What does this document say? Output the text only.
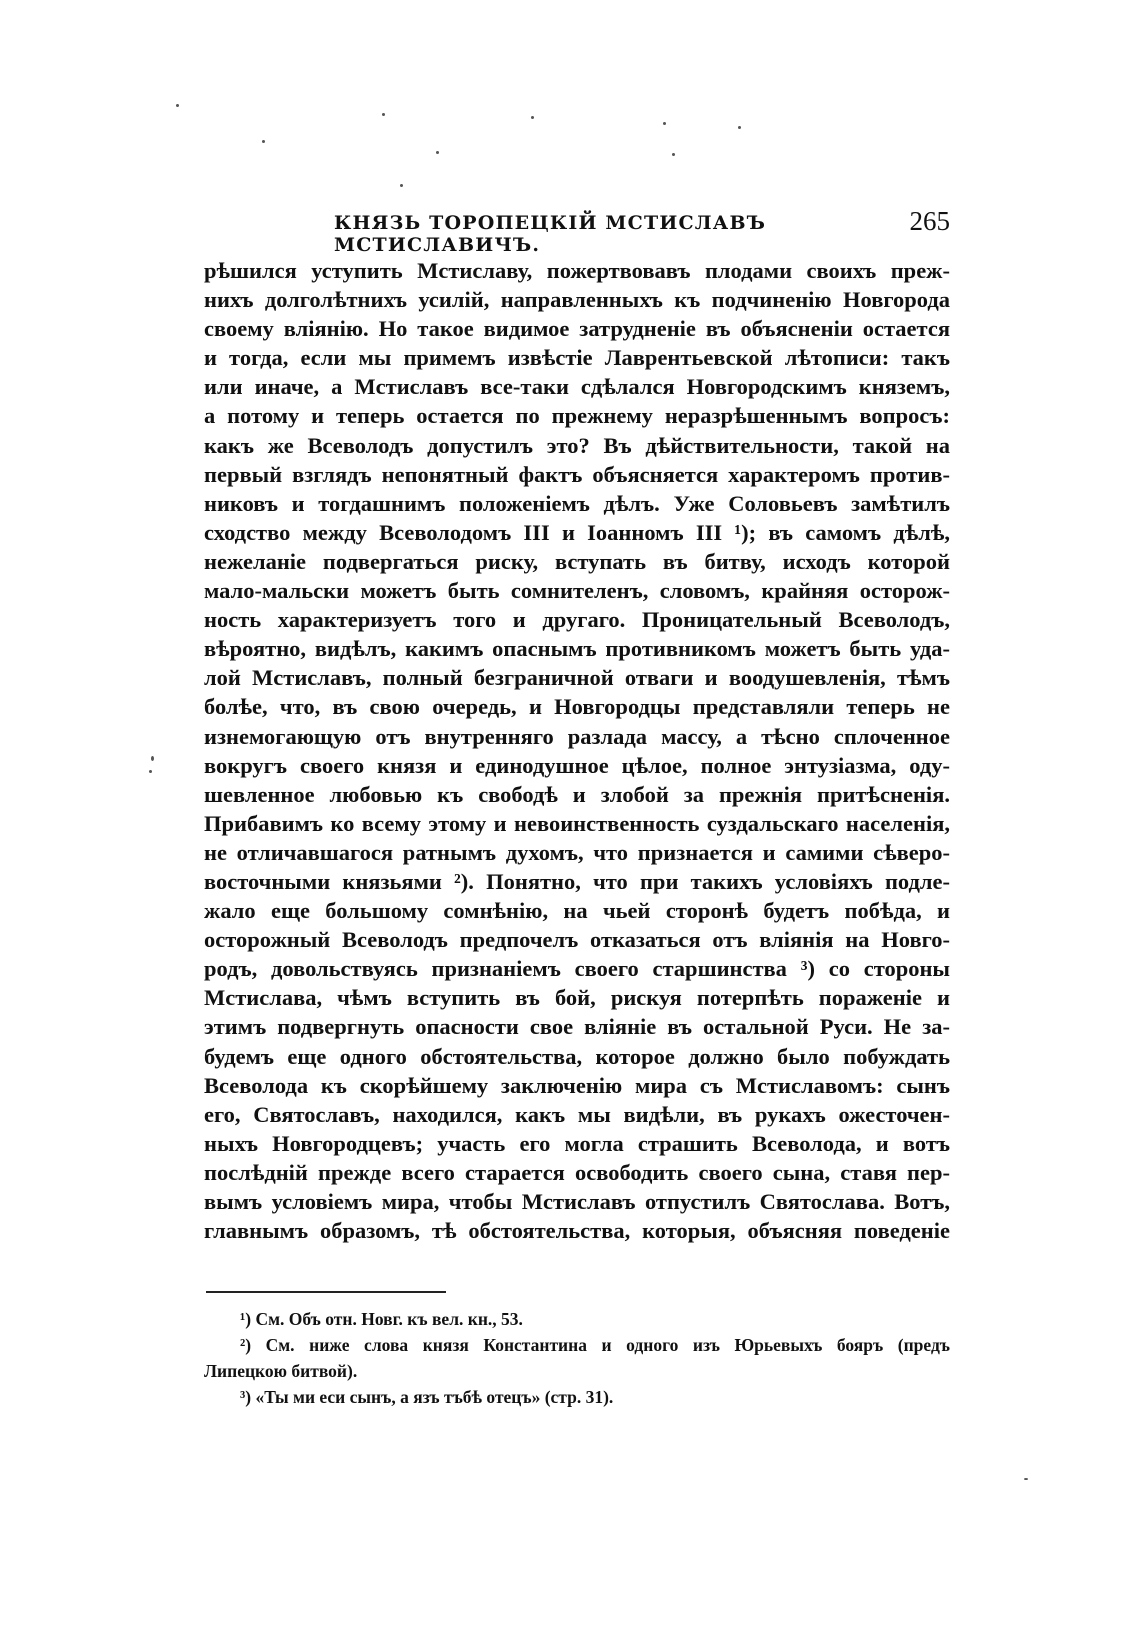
КНЯЗЬ ТОРОПЕЦКІЙ МСТИСЛАВЪ МСТИСЛАВИЧЪ.
265
рѣшился уступить Мстиславу, пожертвовавъ плодами своихъ преж-
нихъ долголѣтнихъ усилій, направленныхъ къ подчиненію Новгорода
своему вліянію. Но такое видимое затрудненіе въ объясненіи остается
и тогда, если мы примемъ извѣстіе Лаврентьевской лѣтописи: такъ
или иначе, а Мстиславъ все-таки сдѣлался Новгородскимъ княземъ,
а потому и теперь остается по прежнему неразрѣшеннымъ вопросъ:
какъ же Всеволодъ допустилъ это? Въ дѣйствительности, такой на
первый взглядъ непонятный фактъ объясняется характеромъ против-
никовъ и тогдашнимъ положеніемъ дѣлъ. Уже Соловьевъ замѣтилъ
сходство между Всеволодомъ III и Іоанномъ III ¹); въ самомъ дѣлѣ,
нежеланіе подвергаться риску, вступать въ битву, исходъ которой
мало-мальски можетъ быть сомнителенъ, словомъ, крайняя осторож-
ность характеризуетъ того и другаго. Проницательный Всеволодъ,
вѣроятно, видѣлъ, какимъ опаснымъ противникомъ можетъ быть уда-
лой Мстиславъ, полный безграничной отваги и воодушевленія, тѣмъ
болѣе, что, въ свою очередь, и Новгородцы представляли теперь не
изнемогающую отъ внутренняго разлада массу, а тѣсно сплоченное
вокругъ своего князя и единодушное цѣлое, полное энтузіазма, оду-
шевленное любовью къ свободѣ и злобой за прежнія притѣсненія.
Прибавимъ ко всему этому и невоинственность суздальскаго населенія,
не отличавшагося ратнымъ духомъ, что признается и самими сѣверо-
восточными князьями ²). Понятно, что при такихъ условіяхъ подле-
жало еще большому сомнѣнію, на чьей сторонѣ будетъ побѣда, и
осторожный Всеволодъ предпочелъ отказаться отъ вліянія на Новго-
родъ, довольствуясь признаніемъ своего старшинства ³) со стороны
Мстислава, чѣмъ вступить въ бой, рискуя потерпѣть пораженіе и
этимъ подвергнуть опасности свое вліяніе въ остальной Руси. Не за-
будемъ еще одного обстоятельства, которое должно было побуждать
Всеволода къ скорѣйшему заключенію мира съ Мстиславомъ: сынъ
его, Святославъ, находился, какъ мы видѣли, въ рукахъ ожесточен-
ныхъ Новгородцевъ; участь его могла страшить Всеволода, и вотъ
послѣдній прежде всего старается освободить своего сына, ставя пер-
вымъ условіемъ мира, чтобы Мстиславъ отпустилъ Святослава. Вотъ,
главнымъ образомъ, тѣ обстоятельства, которыя, объясняя поведеніе
¹) См. Объ отн. Новг. къ вел. кн., 53.
²) См. ниже слова князя Константина и одного изъ Юрьевыхъ бояръ (предъ
Липецкою битвой).
³) «Ты ми еси сынъ, а язъ тъбѣ отецъ» (стр. 31).
